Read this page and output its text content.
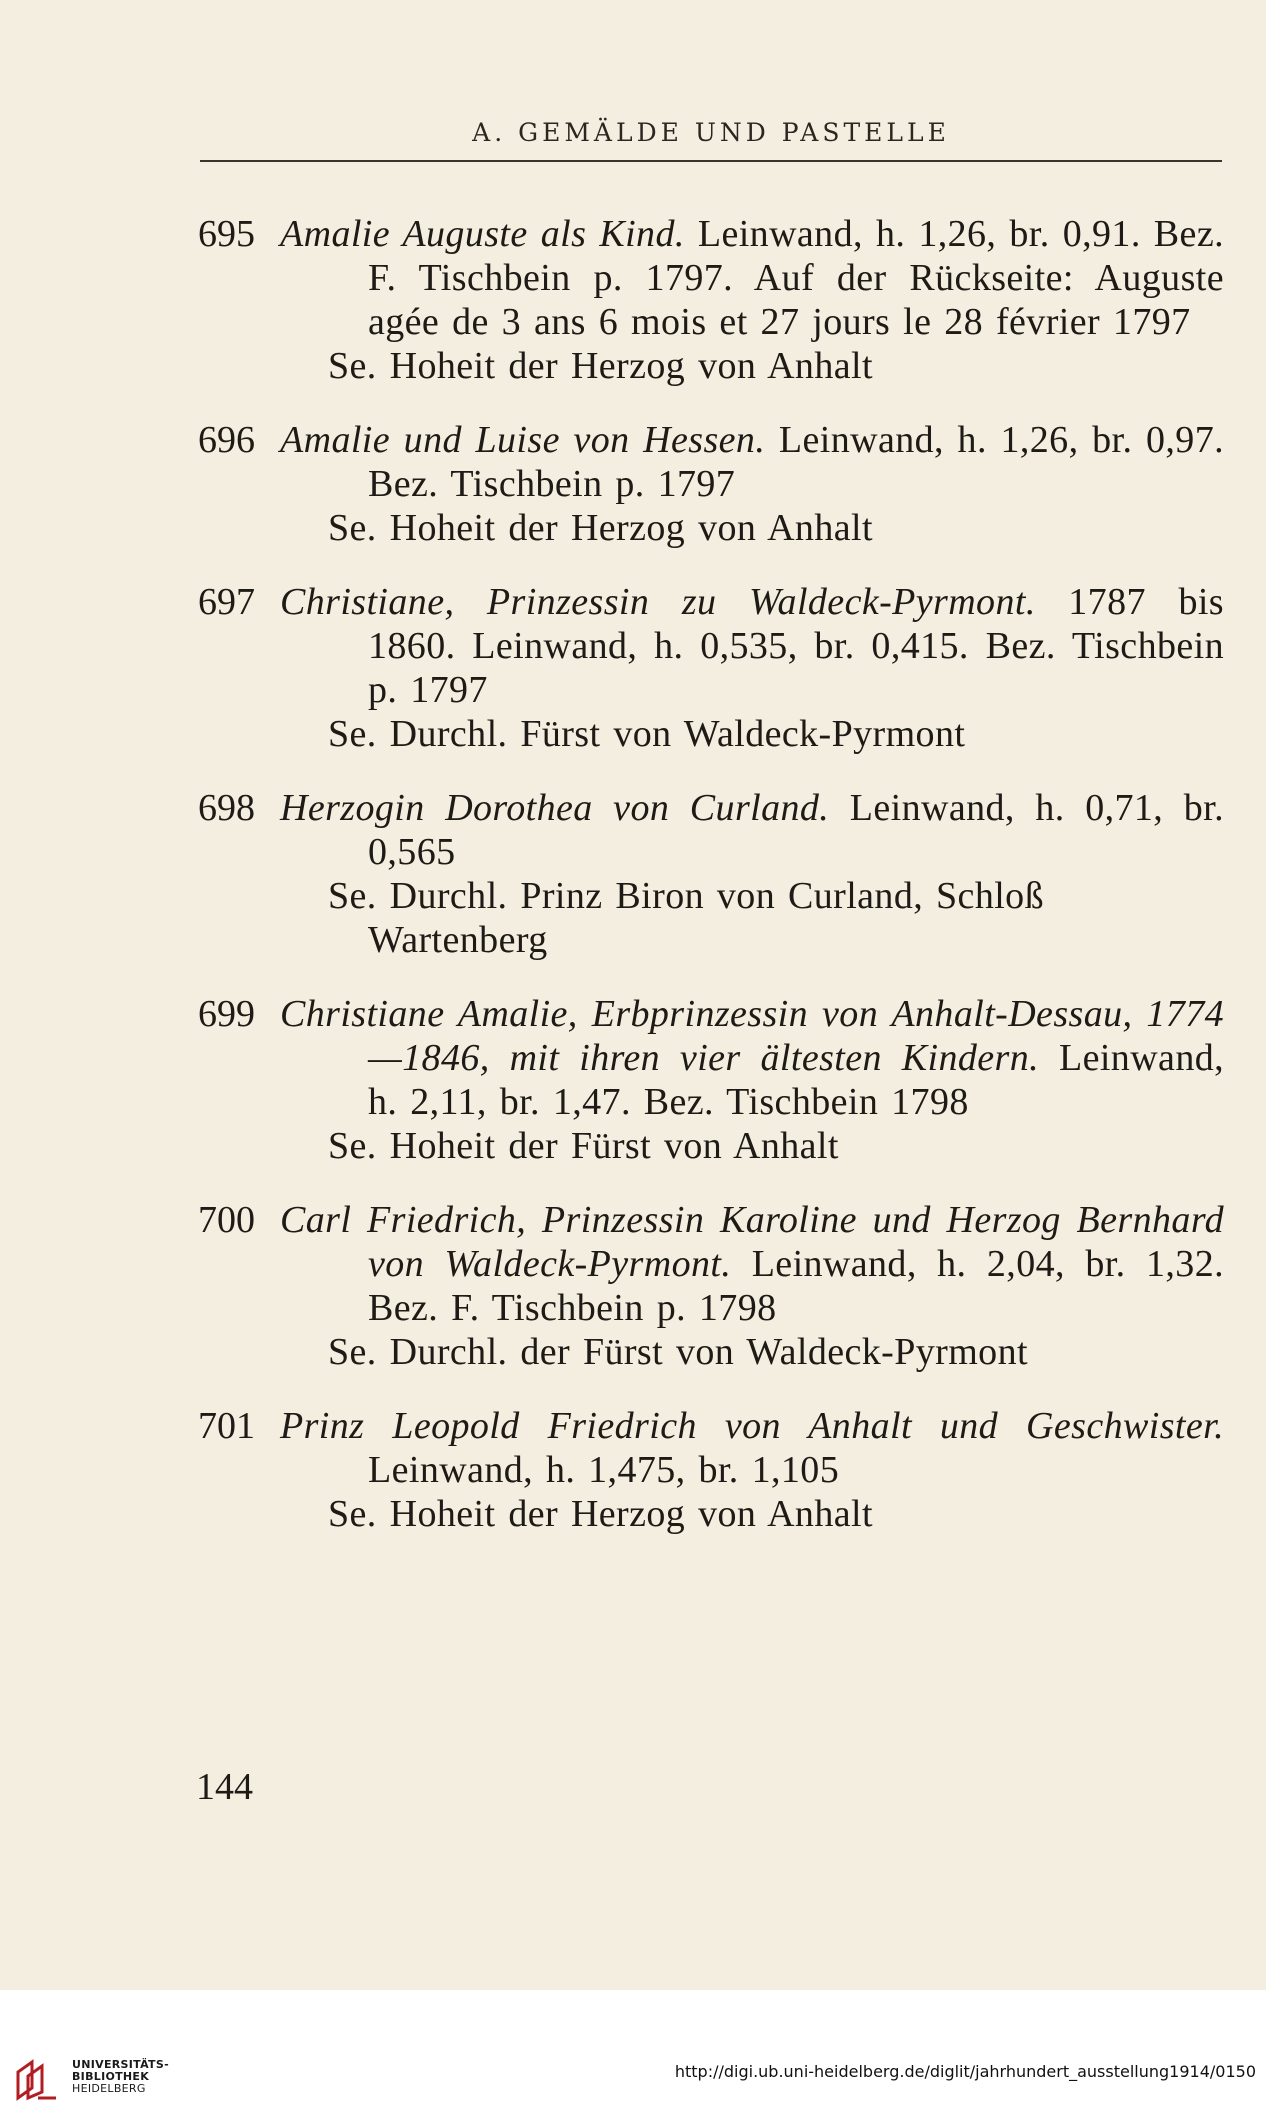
A. GEMÄLDE UND PASTELLE
695 Amalie Auguste als Kind. Leinwand, h. 1,26, br. 0,91. Bez. F. Tischbein p. 1797. Auf der Rückseite: Auguste agée de 3 ans 6 mois et 27 jours le 28 février 1797
Se. Hoheit der Herzog von Anhalt
696 Amalie und Luise von Hessen. Leinwand, h. 1,26, br. 0,97. Bez. Tischbein p. 1797
Se. Hoheit der Herzog von Anhalt
697 Christiane, Prinzessin zu Waldeck-Pyrmont. 1787 bis 1860. Leinwand, h. 0,535, br. 0,415. Bez. Tischbein p. 1797
Se. Durchl. Fürst von Waldeck-Pyrmont
698 Herzogin Dorothea von Curland. Leinwand, h. 0,71, br. 0,565
Se. Durchl. Prinz Biron von Curland, Schloß Wartenberg
699 Christiane Amalie, Erbprinzessin von Anhalt-Dessau, 1774—1846, mit ihren vier ältesten Kindern. Leinwand, h. 2,11, br. 1,47. Bez. Tischbein 1798
Se. Hoheit der Fürst von Anhalt
700 Carl Friedrich, Prinzessin Karoline und Herzog Bernhard von Waldeck-Pyrmont. Leinwand, h. 2,04, br. 1,32. Bez. F. Tischbein p. 1798
Se. Durchl. der Fürst von Waldeck-Pyrmont
701 Prinz Leopold Friedrich von Anhalt und Geschwister. Leinwand, h. 1,475, br. 1,105
Se. Hoheit der Herzog von Anhalt
144
UNIVERSITÄTS-
BIBLIOTHEK
HEIDELBERG
http://digi.ub.uni-heidelberg.de/diglit/jahrhundert_ausstellung1914/0150
